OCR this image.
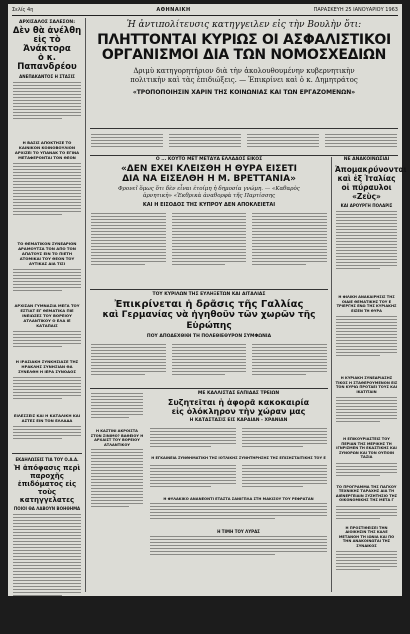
Σελίς 4η	ΑΘΗΝΑΙΚΗ	ΠΑΡΑΣΚΕΥΗ 25 ΙΑΝΟΥΑΡΙΟΥ 1963
ΑΡΧΙΣΑΛΟΣ ΣΑΛΕΣΟΝ:
Δὲν θὰ ἀνέλθη
εἰς τὸ Ἀνάκτορα
ὁ κ. Παπανδρέου
ΑΝΕΠΑΚΑΝΤΟΣ Η ΣΤΑΣΙΣ
Η ΒΑΣΙΣ ΑΠΟΚΤΗΣΕ ΤΟ ΚΑΙΝΙΚΟΝ ΚΟΙΝΟΒΟΥΛΙΟΝ ΑΡΧΙΖΕΙ ΤΟ ΥΠΑΝΑΚ ΤΟ ΕΓΙΝΑ ΜΕΤΑΦΕΡΟΝΤΑΙ ΤΟΝ ΘΕΟΝ
ΤΟ ΘΕΜΑΤΙΚΟΝ ΣΥΝΕΔΡΙΟΝ ΔΡΑΜΟΥΤΣΑ ΤΟΝ ΑΠΟ ΤΟΝ ΑΠΑΤΟΥΣ ΕΙΝ ΤΟ ΠΙΕΤΗ ΑΤΟΜΙΚΑΙ ΤΟΥ ΘΕΟΝ ΤΟΥ ΑΥΤΙΚΑΣ ΔΙΑ ΤΙΣΙ
ΑΡΧΙΣΑΝ ΓΥΜΝΑΣΙΑ ΜΕΓΑ ΤΟΥ ΕΣΤΙΑΤ ΕΓ ΘΕΜΑΤΙΚΑ ΠΙΕ ΙΝΕΙΩΣΕΣ ΤΟΥ ΒΟΡΕΙΟΥ ΑΤΛΑΝΤΙΚΟΥ Ο ΕΛΑ ΙΕ ΚΑΤΑΠΑΙΣ
Η ΙΡΑΣΙΑΚΗ ΣΥΝΚΗΣΙΑΣΕ ΤΗΣ ΗΡΑΚΛΗΣ ΣΥΝΗΣΙΑΝ ΘΑ ΣΥΝΕΛΘΗ Η ΙΕΡΑ ΣΥΝΟΔΟΣ
ΕΙΛΕΣΣΕΙΣ ΚΑΙ Η ΚΑΤΑΛΙΚΗ ΚΑΙ ΑΣΤΕΣ ΕΙΝ ΤΟΝ ΕΛΛΑΔΑ
ΕΚΔΗΛΩΣΕΙΣ ΤΙΑ ΤΟΥ Ο.Α.Α.
Ἡ ἀπόφασις περὶ παροχῆς
ἐπιδόματος εἰς τοὺς κατηγγελατες
ΠΟΙΟΙ ΘΑ ΛΑΒΟΥΝ ΒΟΗΘΗΜΑ
Ἡ ἀντιπολίτευσις κατηγγειλεν εἰς τὴν Βουλὴν ὅτι:
ΠΛΗΤΤΟΝΤΑΙ ΚΥΡΙΩΣ ΟΙ ΑΣΦΑΛΙΣΤΙΚΟΙ
ΟΡΓΑΝΙΣΜΟΙ ΔΙΑ ΤΩΝ ΝΟΜΟΣΧΕΔΙΩΝ
Δριμὺ κατηγορητήριον διὰ τὴν ἀκολουθουμένην κυβερνητικὴν
πολιτικὴν καὶ τὰς ἐπιδιώξεις. — Ἐπικρίνει καὶ ὁ κ. Δημητράτος
«ΤΡΟΠΟΠΟΙΗΣΙΝ ΧΑΡΙΝ ΤΗΣ ΚΟΙΝΩΝΙΑΣ ΚΑΙ ΤΩΝ ΕΡΓΑΖΟΜΕΝΩΝ»
Ο ... ΚΟΥΤΟ ΜΕΤ ΜΕΤΑΥΑ ΕΛΛΑΔΟΣ ΕΙΚΟΣ
«ΔΕΝ ΕΧΕΙ ΚΛΕΙΣΘΗ Η ΘΥΡΑ ΕΙΣΕΤΙ
ΔΙΑ ΝΑ ΕΙΣΕΛΘΗ Η Μ. ΒΡΕΤΤΑΝΙΑ»
Φρονεῖ ὅμως ὅτι δὲν εἶναι ἐτοίμη ἡ δημοσία γνώμη. — «Καθαρὸς
ἀρνητικὴ» «Ἐκθρικὰ ἀναθορφὰ τῆς Παρτίσσης
ΚΑΙ Η ΕΙΣΟΔΟΣ ΤΗΣ ΚΥΠΡΟΥ ΔΕΝ ΑΠΟΚΛΕΙΕΤΑΙ
ΤΟΥ ΚΥΡΙΛΩΝ ΤΗΣ ΕΥΛΗΞΕΤΩΝ ΚΑΙ ΑΙΤΑΛΙΑΣ
Ἐπικρίνεται ἡ δρᾶσις τῆς Γαλλίας
καὶ Γερμανίας νὰ ἡγηθοῦν τῶν χωρῶν τῆς Εὐρώπης
ΠΟΥ ΑΠΟΔΕΧΘΙΘΙ ΤΗ ΠΟΛΕΘΙΕΘΥΡΟΝ ΣΥΜΦΩΝΙΑ
Η ΚΑΣΤΙΝΙ ΑΚΡΟΙΣΤΑ ΣΤΟΝ ΣΙΝΙΜΟ? ΒΑΘΕΙΟΥ Η ΑΡΧΑΙΣΤ ΤΟΥ ΒΟΡΕΙΟΥ ΑΤΛΑΝΤΙΚΟΥ
ΜΕ ΚΑΛΛΙΣΤΑΣ ΕΛΠΙΔΑΣ ΤΡΕΙΩΝ
Συζητεῖται ἡ ἀφορᾶ κακοκαιρία
εἰς ὁλόκληρον τὴν χώραν μας
Η ΚΑΤΑΣΤΑΣΙΣ ΕΙΣ ΚΑΡΔΙΑΝ - ΧΡΑΝΙΑΝ
Η ΕΓΚΑΙΝΕΙΑ ΣΥΝΘΗΜΑΤΙΚΗ ΤΗΣ ΙΟΤΛΙΚΗΣ ΣΥΝΗΤΗΡΗΣΗΣ ΤΗΣ ΕΠΙΣΗΣΤΑΙΤΙΚΗΣ ΤΟΥ Ε
Η ΦΥΛΑΚΙΚΟ ΑΝΑΝΕΟΝΤΙ ΕΤΑΣΤΑ ΣΑΝΙΓΠΛΑ ΣΤΗ ΜΑΚΙΣΟΥ ΤΟΥ ΡΕΦΡΑΤΑΝ
Η ΤΙΜΗ ΤΟΥ ΛΥΡΑΣ
ΝΕ ΑΝΑΚΟΙΝΩΣΙΑΙ
Ἀπομακρύνονται
καὶ ἐξ Ἰταλίας
οἱ πύραυλοι «Ζεὺς»
ΚΑΙ ΑΡΟΥΡΓΗ ΠΟΛΑΡΙΣ
Η ΦΙΛΙΚΗ ΑΝΑΚΑΙΡΗΣΙΣ ΤΗΣ ΟΙΔΙΕ ΘΕΜΑΤΙΚΗΣ ΤΟΥ Ε ΤΡΙΕΡΓΗΣ ΕΝΩ ΤΗΣ ΚΥΡΙΑΚΗΣ ΕΙΣΕΝ ΤΗ ΘΥΡΑ
Η ΚΥΡΙΑΚΗ ΣΥΝΕΔΡΙΑΣΗΣ ΤΙΚΟΣ Η ΣΤΑΘΕΡΟΥΜΕΝΟΝ ΕΙΣ ΤΟΝ ΚΥΡΙΩ ΠΡΟΤΑΕΙ ΤΟΥΣ ΚΑΙ ΙΚΑΤΙΤΑΙΝ
Η ΕΠΙΚΟΥΡΙΑΣΤΕΙΣ ΤΟΥ ΠΕΡΙΑΝ ΤΗΣ ΜΕΡΙΚΗΣ ΤΗ ΙΓΝΡΙΣΜΕΝ ΤΗ ΕΚΑΣΤΙΚΗΣ ΚΑΙ ΣΥΝΟΡΩΝ ΚΑΙ ΤΟΝ ΟΥΠΟΙΝ ΤΑΣΙΑ
ΤΟ ΠΡΟΓΡΑΜΜΑ ΤΗΣ ΠΑΓΚΟΥ ΤΕΧΝΙΚΗΣ ΤΑΡΑΧΗΣ ΔΙΑ ΤΗ ΔΙΕΝΕΡΓΕΙΑΙΝ ΣΥΖΗΤΗΣΙΟ ΤΗΣ ΟΙΚΟΝΟΜΙΚΗΣ ΤΗΣ ΜΕΤΑ Γ
Η ΠΡΟΣΤΙΘΕΙΣΕΙ ΤΗΝ ΔΙΟΙΚΗΣΙΝ ΤΗΣ ΚΑΛΕ ΜΕΤΑΝΟΗ ΤΗ ΙΩΝΙΑ ΚΑΙ ΠΟ ΤΗΝ ΑΝΑΚΟΙΝΩΤΑΙ ΤΗΣ ΣΥΝΔΙΚΟΣ
